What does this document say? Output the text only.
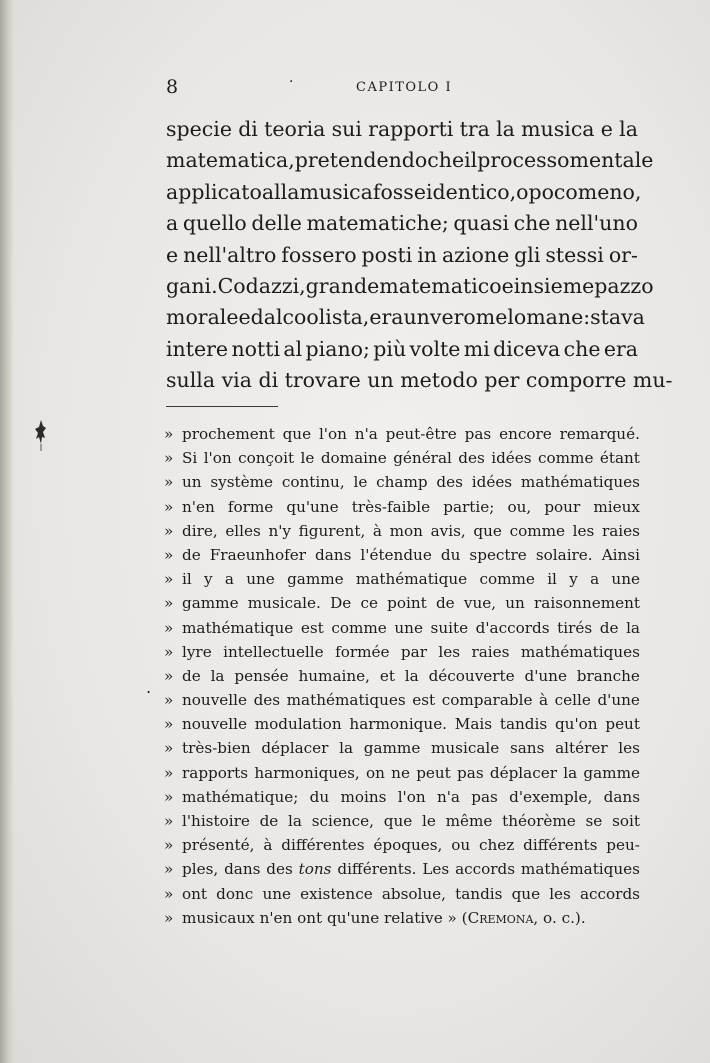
8	·	CAPITOLO I
specie di teoria sui rapporti tra la musica e la
matematica, pretendendo che il processo mentale
applicato alla musica fosse identico, o poco meno,
a quello delle matematiche; quasi che nell'uno
e nell'altro fossero posti in azione gli stessi or-
gani. Codazzi, grande matematico e insieme pazzo
morale ed alcoolista, era un vero melomane: stava
intere notti al piano; più volte mi diceva che era
sulla via di trovare un metodo per comporre mu-
» prochement que l'on n'a peut-être pas encore remarqué.
» Si l'on conçoit le domaine général des idées comme étant
» un système continu, le champ des idées mathématiques
» n'en forme qu'une très-faible partie; ou, pour mieux
» dire, elles n'y figurent, à mon avis, que comme les raies
» de Fraeunhofer dans l'étendue du spectre solaire. Ainsi
» il y a une gamme mathématique comme il y a une
» gamme musicale. De ce point de vue, un raisonnement
» mathématique est comme une suite d'accords tirés de la
» lyre intellectuelle formée par les raies mathématiques
» de la pensée humaine, et la découverte d'une branche
» nouvelle des mathématiques est comparable à celle d'une
» nouvelle modulation harmonique. Mais tandis qu'on peut
» très-bien déplacer la gamme musicale sans altérer les
» rapports harmoniques, on ne peut pas déplacer la gamme
» mathématique; du moins l'on n'a pas d'exemple, dans
» l'histoire de la science, que le même théorème se soit
» présenté, à différentes époques, ou chez différents peu-
» ples, dans des tons différents. Les accords mathématiques
» ont donc une existence absolue, tandis que les accords
» musicaux n'en ont qu'une relative » ( Cremona , o. c.).
.
